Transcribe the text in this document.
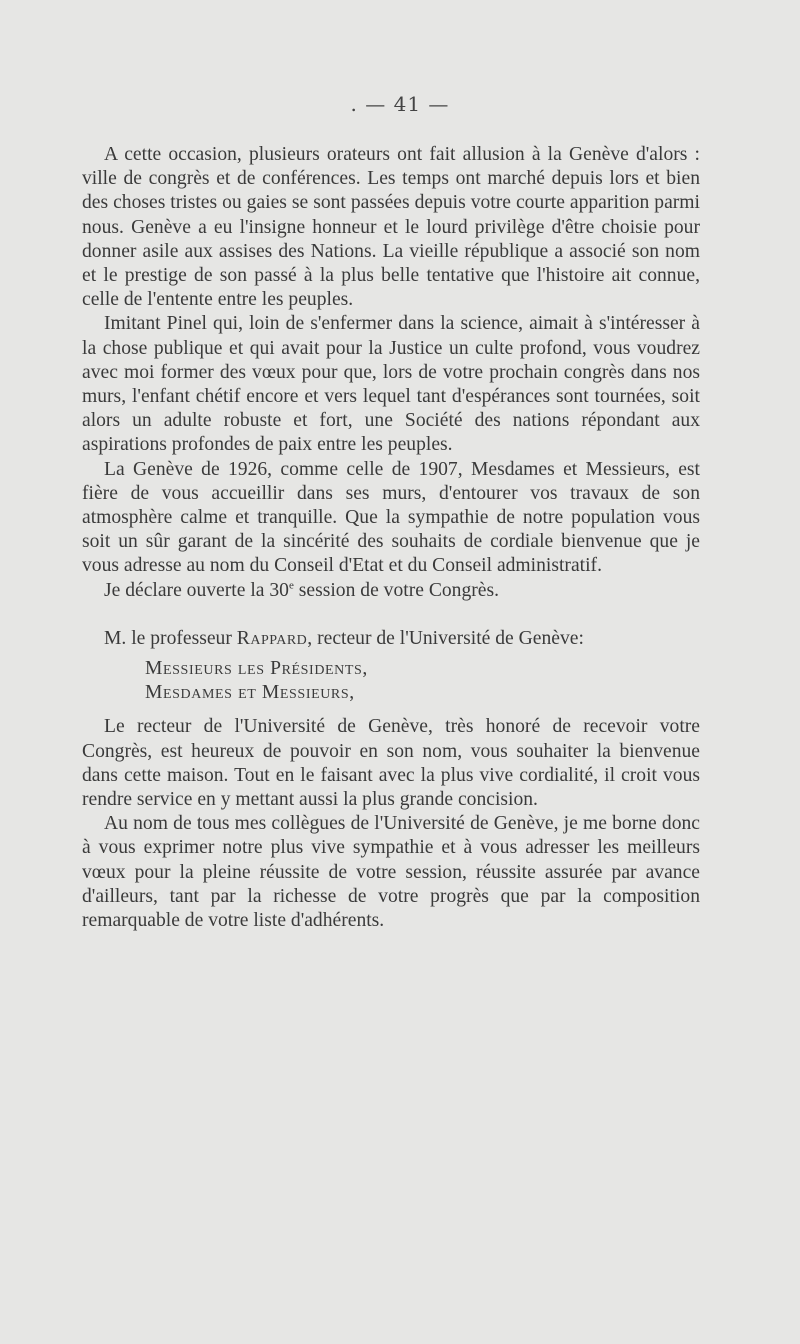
. — 41 —

A cette occasion, plusieurs orateurs ont fait allusion à la Genève d'alors : ville de congrès et de conférences. Les temps ont marché depuis lors et bien des choses tristes ou gaies se sont passées depuis votre courte apparition parmi nous. Genève a eu l'insigne honneur et le lourd privilège d'être choisie pour donner asile aux assises des Nations. La vieille république a associé son nom et le prestige de son passé à la plus belle tentative que l'histoire ait connue, celle de l'entente entre les peuples.

Imitant Pinel qui, loin de s'enfermer dans la science, aimait à s'intéresser à la chose publique et qui avait pour la Justice un culte profond, vous voudrez avec moi former des vœux pour que, lors de votre prochain congrès dans nos murs, l'enfant chétif encore et vers lequel tant d'espérances sont tournées, soit alors un adulte robuste et fort, une Société des nations répondant aux aspirations profondes de paix entre les peuples.

La Genève de 1926, comme celle de 1907, Mesdames et Messieurs, est fière de vous accueillir dans ses murs, d'entourer vos travaux de son atmosphère calme et tranquille. Que la sympathie de notre population vous soit un sûr garant de la sincérité des souhaits de cordiale bienvenue que je vous adresse au nom du Conseil d'Etat et du Conseil administratif.

Je déclare ouverte la 30e session de votre Congrès.

M. le professeur Rappard, recteur de l'Université de Genève:

Messieurs les Présidents,

Mesdames et Messieurs,

Le recteur de l'Université de Genève, très honoré de recevoir votre Congrès, est heureux de pouvoir en son nom, vous souhaiter la bienvenue dans cette maison. Tout en le faisant avec la plus vive cordialité, il croit vous rendre service en y mettant aussi la plus grande concision.

Au nom de tous mes collègues de l'Université de Genève, je me borne donc à vous exprimer notre plus vive sympathie et à vous adresser les meilleurs vœux pour la pleine réussite de votre session, réussite assurée par avance d'ailleurs, tant par la richesse de votre progrès que par la composition remarquable de votre liste d'adhérents.
